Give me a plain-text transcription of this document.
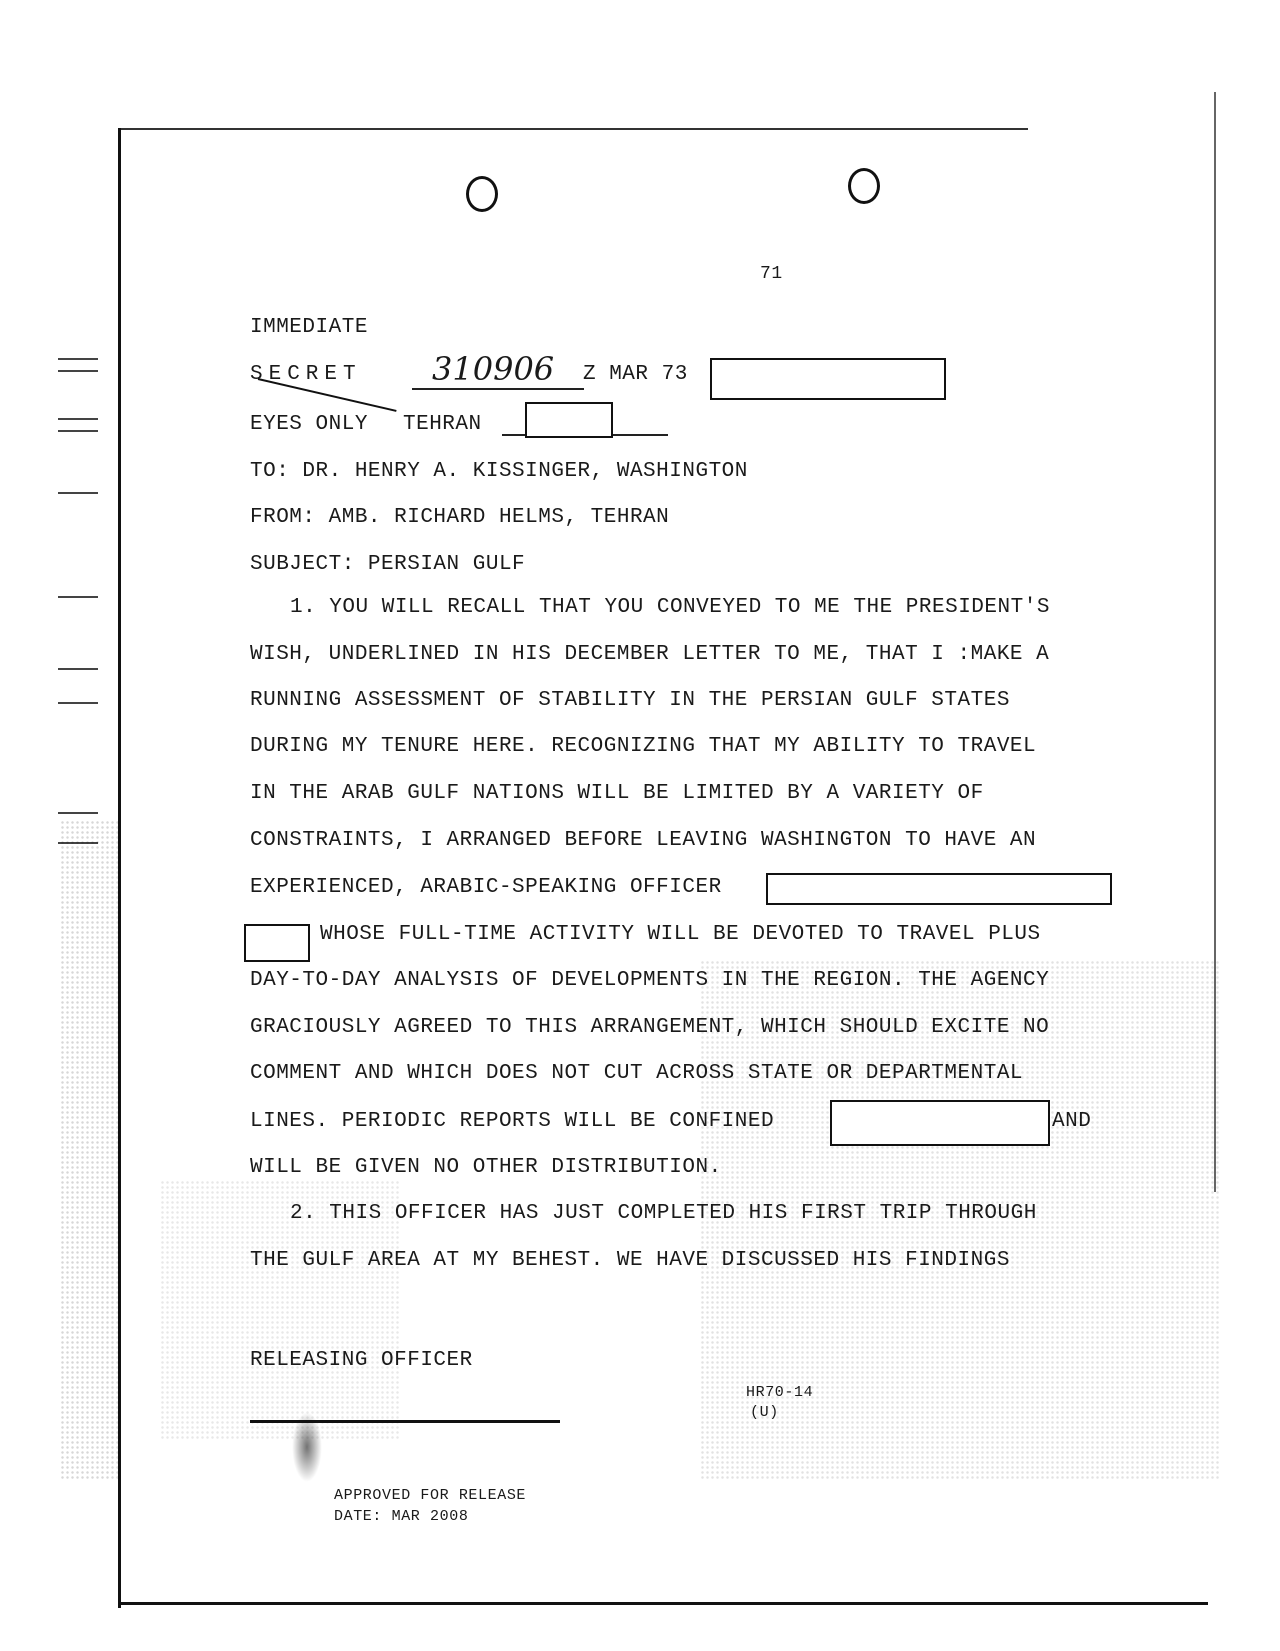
71
IMMEDIATE
SECRET 310906 Z MAR 73
EYES ONLY TEHRAN
TO: DR. HENRY A. KISSINGER, WASHINGTON
FROM: AMB. RICHARD HELMS, TEHRAN
SUBJECT: PERSIAN GULF
1. YOU WILL RECALL THAT YOU CONVEYED TO ME THE PRESIDENT'S
WISH, UNDERLINED IN HIS DECEMBER LETTER TO ME, THAT I :MAKE A
RUNNING ASSESSMENT OF STABILITY IN THE PERSIAN GULF STATES
DURING MY TENURE HERE. RECOGNIZING THAT MY ABILITY TO TRAVEL
IN THE ARAB GULF NATIONS WILL BE LIMITED BY A VARIETY OF
CONSTRAINTS, I ARRANGED BEFORE LEAVING WASHINGTON TO HAVE AN
EXPERIENCED, ARABIC-SPEAKING OFFICER
WHOSE FULL-TIME ACTIVITY WILL BE DEVOTED TO TRAVEL PLUS
DAY-TO-DAY ANALYSIS OF DEVELOPMENTS IN THE REGION. THE AGENCY
GRACIOUSLY AGREED TO THIS ARRANGEMENT, WHICH SHOULD EXCITE NO
COMMENT AND WHICH DOES NOT CUT ACROSS STATE OR DEPARTMENTAL
LINES. PERIODIC REPORTS WILL BE CONFINED	AND
WILL BE GIVEN NO OTHER DISTRIBUTION.
2. THIS OFFICER HAS JUST COMPLETED HIS FIRST TRIP THROUGH
THE GULF AREA AT MY BEHEST. WE HAVE DISCUSSED HIS FINDINGS
RELEASING OFFICER
HR70-14
(U)
APPROVED FOR RELEASE
DATE: MAR 2008
